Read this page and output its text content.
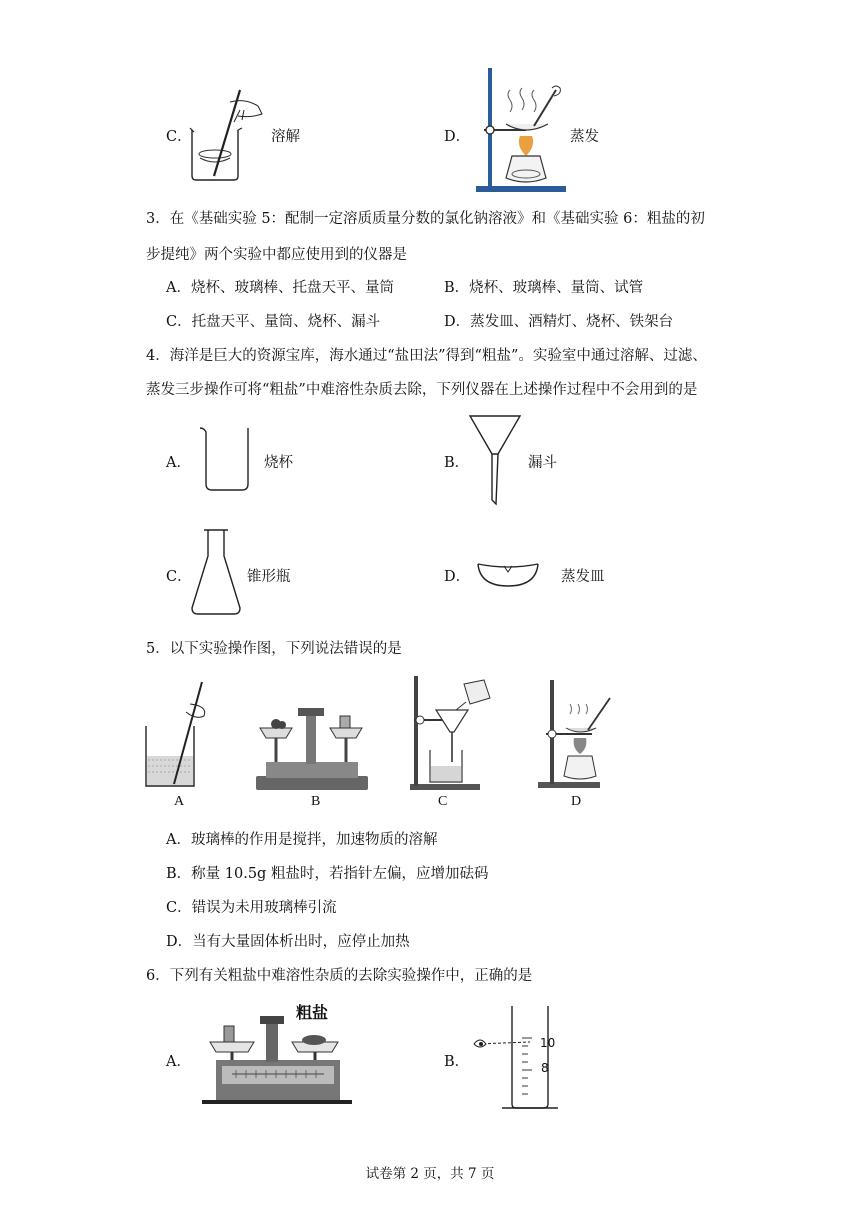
C．	溶解	D．	蒸发
3．在《基础实验 5：配制一定溶质质量分数的氯化钠溶液》和《基础实验 6：粗盐的初
步提纯》两个实验中都应使用到的仪器是
A．烧杯、玻璃棒、托盘天平、量筒	B．烧杯、玻璃棒、量筒、试管
C．托盘天平、量筒、烧杯、漏斗	D．蒸发皿、酒精灯、烧杯、铁架台
4．海洋是巨大的资源宝库，海水通过“盐田法”得到“粗盐”。实验室中通过溶解、过滤、
蒸发三步操作可将“粗盐”中难溶性杂质去除，下列仪器在上述操作过程中不会用到的是
A．	烧杯	B．	漏斗
C．	锥形瓶	D．	蒸发皿
5．以下实验操作图，下列说法错误的是
A	B	C	D
A．玻璃棒的作用是搅拌，加速物质的溶解
B．称量 10.5g 粗盐时，若指针左偏，应增加砝码
C．错误为未用玻璃棒引流
D．当有大量固体析出时，应停止加热
6．下列有关粗盐中难溶性杂质的去除实验操作中，正确的是
A．
粗盐
B．
10
8
试卷第 2 页，共 7 页
